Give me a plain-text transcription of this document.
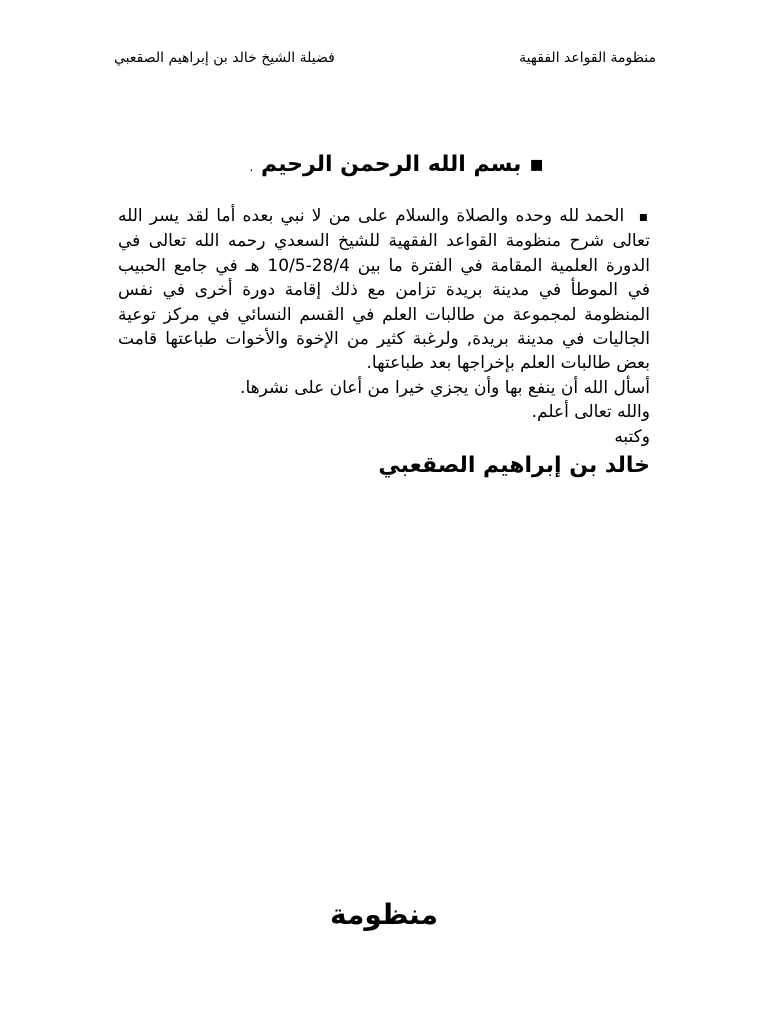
منظومة القواعد الفقهية
فضيلة الشيخ خالد بن إبراهيم الصقعبي
▪ بسم الله الرحمن الرحيم .

▪  الحمد لله وحده والصلاة والسلام على من لا نبي بعده أما لقد يسر الله تعالى شرح منظومة القواعد الفقهية للشيخ السعدي رحمه الله تعالى في الدورة العلمية المقامة في الفترة ما بين 28/4-10/5 هـ في جامع الحبيب في الموطأ في مدينة بريدة تزامن مع ذلك إقامة دورة أخرى في نفس المنظومة لمجموعة من طالبات العلم في القسم النسائي في مركز توعية الجاليات في مدينة بريدة, ولرغبة كثير من الإخوة والأخوات طباعتها قامت بعض طالبات العلم بإخراجها بعد طباعتها.

أسأل الله أن ينفع بها وأن يجزي خيرا من أعان على نشرها.

والله تعالى أعلم.

وكتبه

خالد بن إبراهيم الصقعبي

منظومة
